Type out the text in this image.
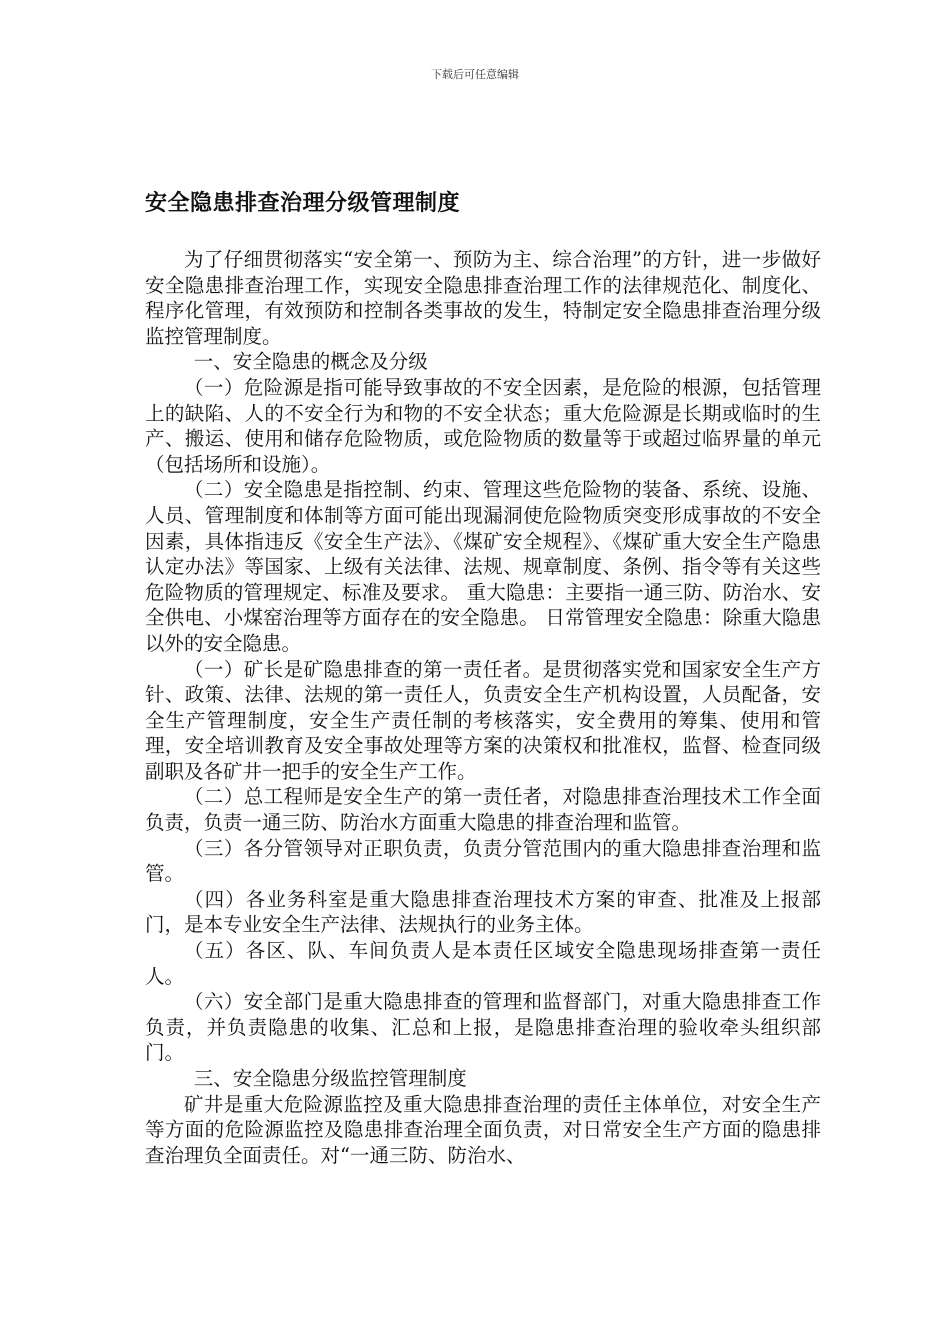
下载后可任意编辑
安全隐患排查治理分级管理制度

为了仔细贯彻落实“安全第一、预防为主、综合治理”的方针，进一步做好安全隐患排查治理工作，实现安全隐患排查治理工作的法律规范化、制度化、程序化管理，有效预防和控制各类事故的发生，特制定安全隐患排查治理分级监控管理制度。

一、安全隐患的概念及分级

（一）危险源是指可能导致事故的不安全因素，是危险的根源，包括管理上的缺陷、人的不安全行为和物的不安全状态；重大危险源是长期或临时的生产、搬运、使用和储存危险物质，或危险物质的数量等于或超过临界量的单元（包括场所和设施）。

（二）安全隐患是指控制、约束、管理这些危险物的装备、系统、设施、人员、管理制度和体制等方面可能出现漏洞使危险物质突变形成事故的不安全因素，具体指违反《安全生产法》、《煤矿安全规程》、《煤矿重大安全生产隐患认定办法》等国家、上级有关法律、法规、规章制度、条例、指令等有关这些危险物质的管理规定、标准及要求。 重大隐患：主要指一通三防、防治水、安全供电、小煤窑治理等方面存在的安全隐患。 日常管理安全隐患：除重大隐患以外的安全隐患。

（一）矿长是矿隐患排查的第一责任者。是贯彻落实党和国家安全生产方针、政策、法律、法规的第一责任人，负责安全生产机构设置，人员配备，安全生产管理制度，安全生产责任制的考核落实，安全费用的筹集、使用和管理，安全培训教育及安全事故处理等方案的决策权和批准权，监督、检查同级副职及各矿井一把手的安全生产工作。

（二）总工程师是安全生产的第一责任者，对隐患排查治理技术工作全面负责，负责一通三防、防治水方面重大隐患的排查治理和监管。

（三）各分管领导对正职负责，负责分管范围内的重大隐患排查治理和监管。

（四）各业务科室是重大隐患排查治理技术方案的审查、批准及上报部门，是本专业安全生产法律、法规执行的业务主体。

（五）各区、队、车间负责人是本责任区域安全隐患现场排查第一责任人。

（六）安全部门是重大隐患排查的管理和监督部门，对重大隐患排查工作负责，并负责隐患的收集、汇总和上报，是隐患排查治理的验收牵头组织部门。

三、安全隐患分级监控管理制度

矿井是重大危险源监控及重大隐患排查治理的责任主体单位，对安全生产等方面的危险源监控及隐患排查治理全面负责，对日常安全生产方面的隐患排查治理负全面责任。对“一通三防、防治水、
